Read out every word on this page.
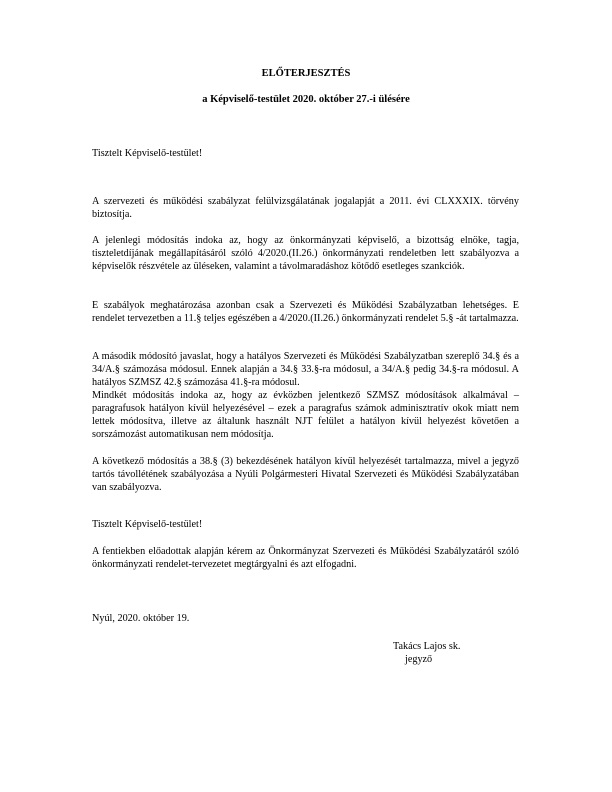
ELŐTERJESZTÉS
a Képviselő-testület 2020. október 27.-i ülésére
Tisztelt Képviselő-testület!
A szervezeti és működési szabályzat felülvizsgálatának jogalapját a 2011. évi CLXXXIX. törvény biztosítja.
A jelenlegi módosítás indoka az, hogy az önkormányzati képviselő, a bizottság elnöke, tagja, tiszteletdíjának megállapításáról szóló 4/2020.(II.26.) önkormányzati rendeletben lett szabályozva a képviselők részvétele az üléseken, valamint a távolmaradáshoz kötődő esetleges szankciók.
E szabályok meghatározása azonban csak a Szervezeti és Működési Szabályzatban lehetséges. E rendelet tervezetben a 11.§ teljes egészében a 4/2020.(II.26.) önkormányzati rendelet 5.§ -át tartalmazza.
A második módosító javaslat, hogy a hatályos Szervezeti és Működési Szabályzatban szereplő 34.§ és a 34/A.§ számozása módosul. Ennek alapján a 34.§ 33.§-ra módosul, a 34/A.§ pedig 34.§-ra módosul. A hatályos SZMSZ 42.§ számozása 41.§-ra módosul.
Mindkét módosítás indoka az, hogy az évközben jelentkező SZMSZ módosítások alkalmával – paragrafusok hatályon kívül helyezésével – ezek a paragrafus számok adminisztratív okok miatt nem lettek módosítva, illetve az általunk használt NJT felület a hatályon kívül helyezést követően a sorszámozást automatikusan nem módosítja.
A következő módosítás a 38.§ (3) bekezdésének hatályon kívül helyezését tartalmazza, mivel a jegyző tartós távollétének szabályozása a Nyúli Polgármesteri Hivatal Szervezeti és Működési Szabályzatában van szabályozva.
Tisztelt Képviselő-testület!
A fentiekben előadottak alapján kérem az Önkormányzat Szervezeti és Működési Szabályzatáról szóló önkormányzati rendelet-tervezetet megtárgyalni és azt elfogadni.
Nyúl, 2020. október 19.
Takács Lajos sk.
jegyző
